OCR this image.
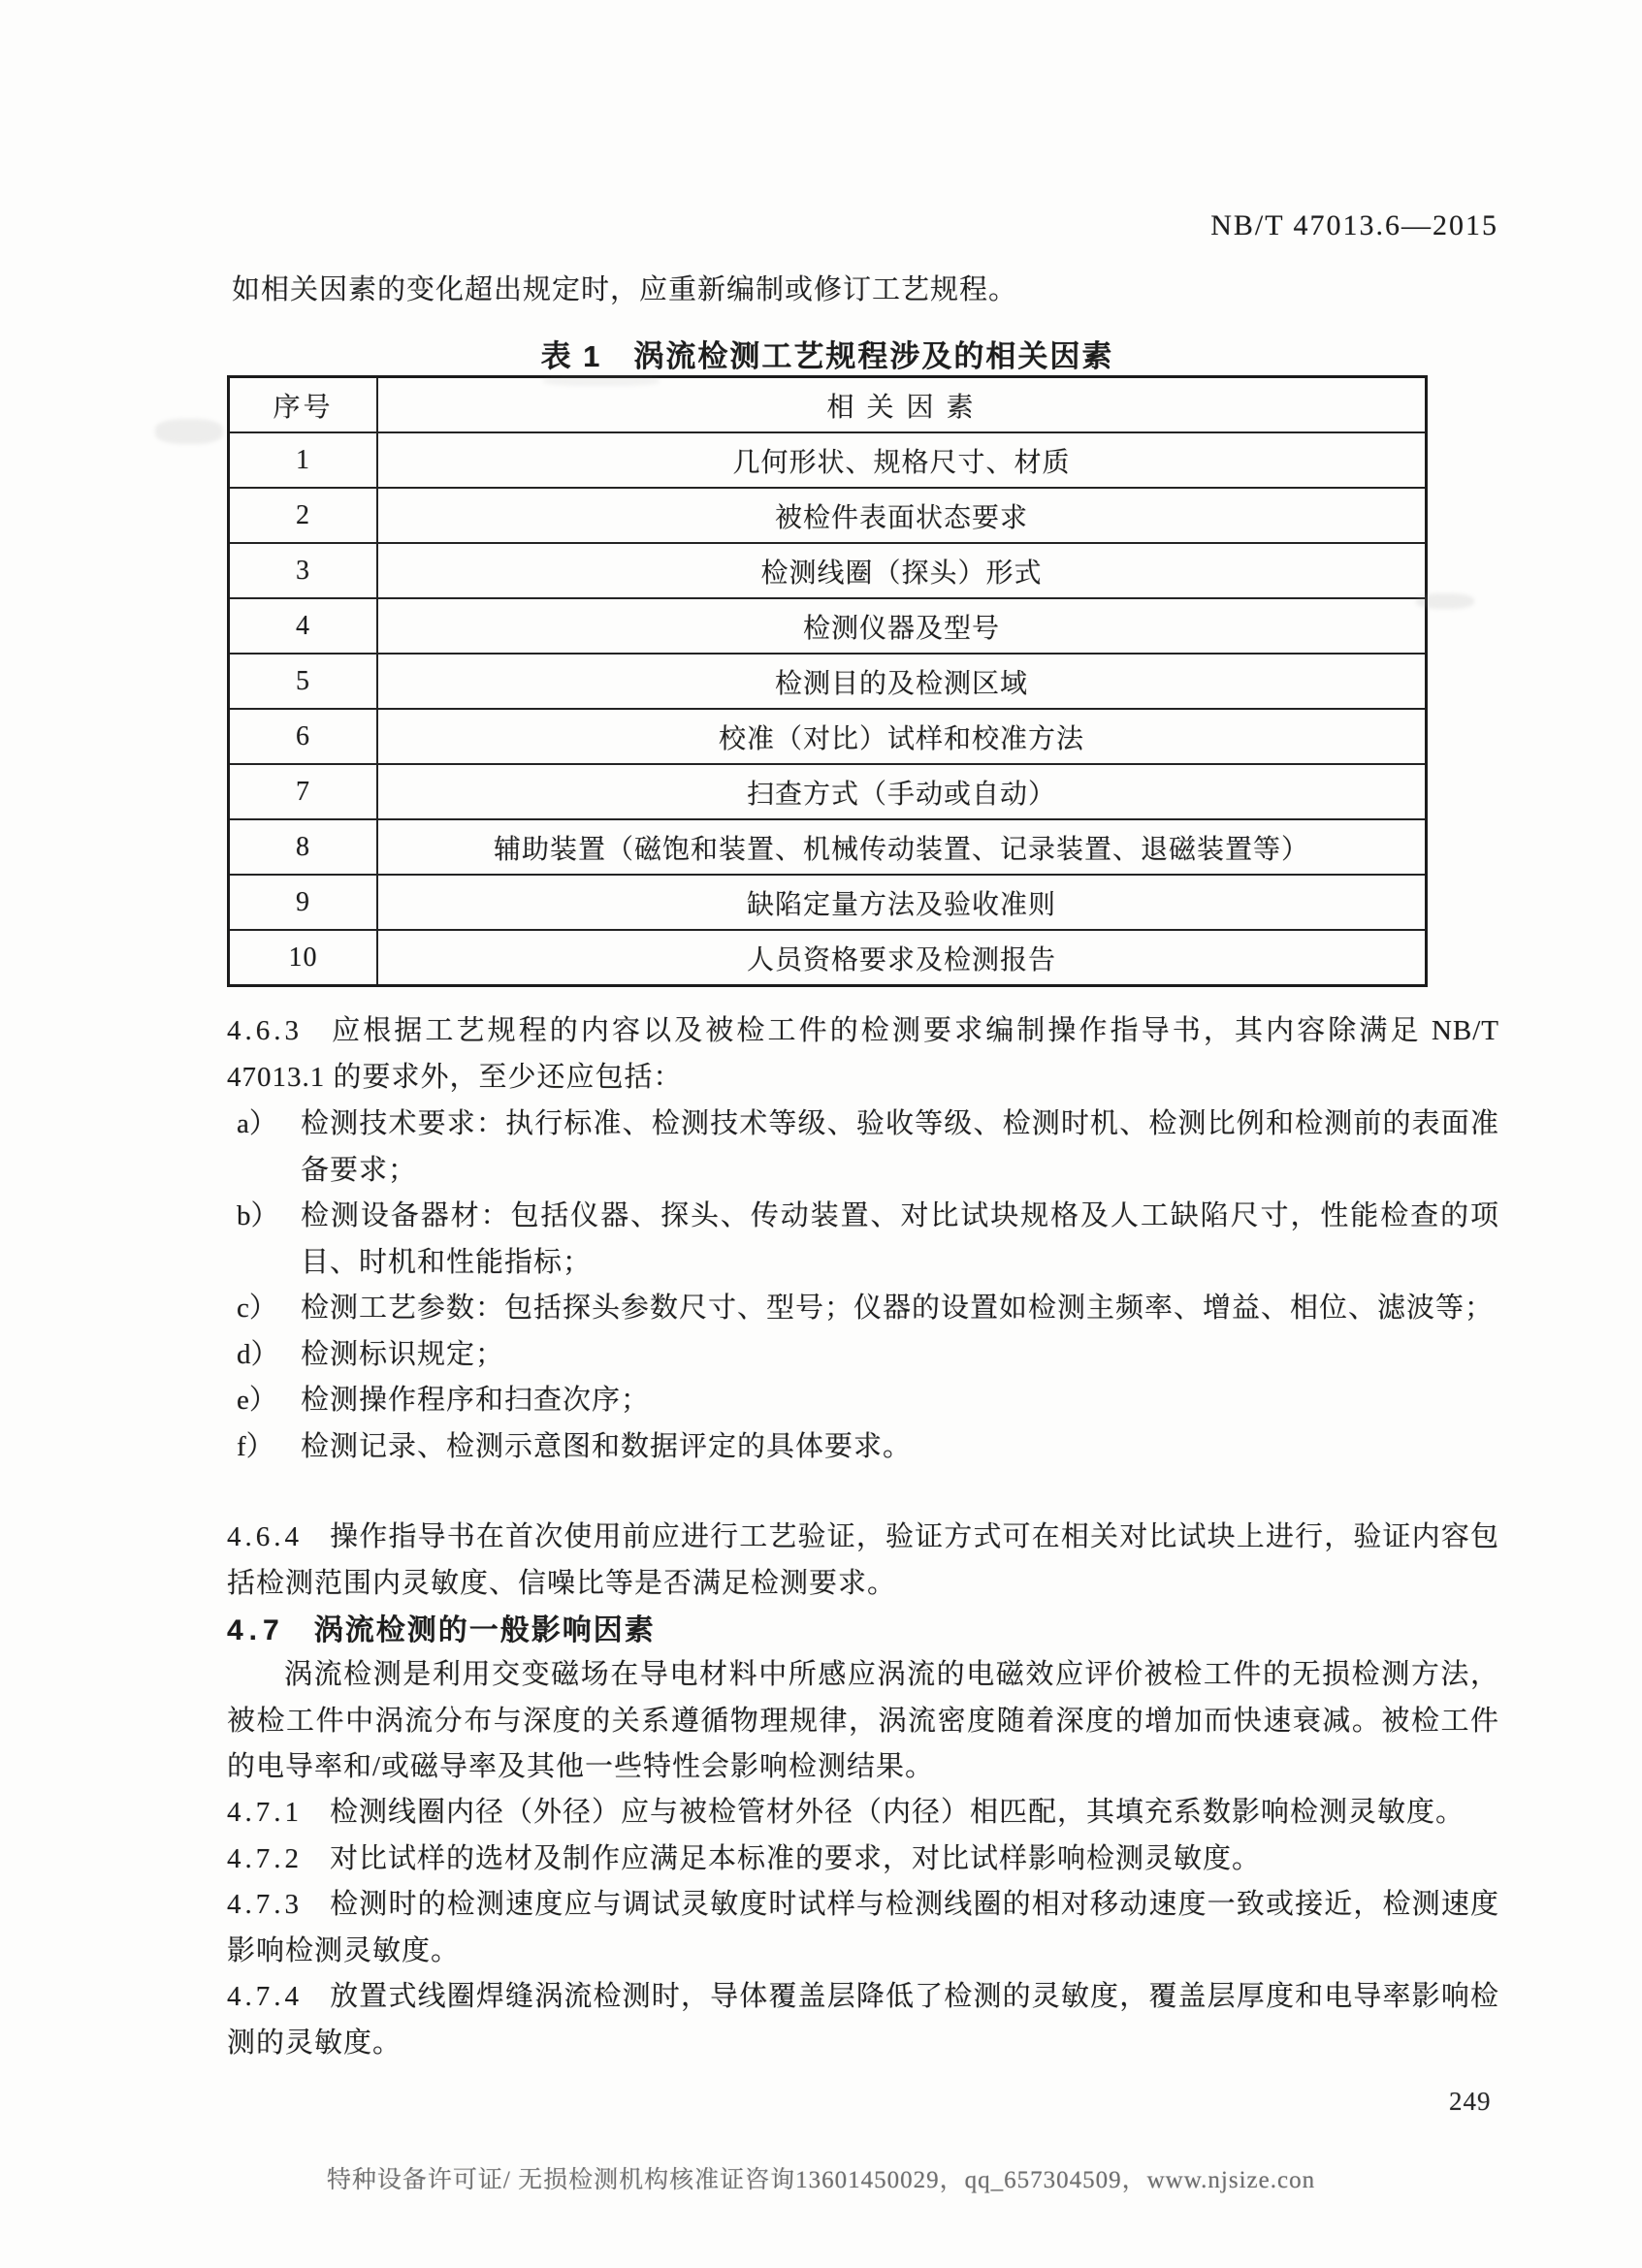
NB/T 47013.6—2015
如相关因素的变化超出规定时，应重新编制或修订工艺规程。
表 1　涡流检测工艺规程涉及的相关因素
序号	相 关 因 素
1	几何形状、规格尺寸、材质
2	被检件表面状态要求
3	检测线圈（探头）形式
4	检测仪器及型号
5	检测目的及检测区域
6	校准（对比）试样和校准方法
7	扫查方式（手动或自动）
8	辅助装置（磁饱和装置、机械传动装置、记录装置、退磁装置等）
9	缺陷定量方法及验收准则
10	人员资格要求及检测报告
4.6.3 应根据工艺规程的内容以及被检工件的检测要求编制操作指导书，其内容除满足 NB/T 47013.1 的要求外，至少还应包括：
a） 检测技术要求：执行标准、检测技术等级、验收等级、检测时机、检测比例和检测前的表面准备要求；
b） 检测设备器材：包括仪器、探头、传动装置、对比试块规格及人工缺陷尺寸，性能检查的项目、时机和性能指标；
c） 检测工艺参数：包括探头参数尺寸、型号；仪器的设置如检测主频率、增益、相位、滤波等；
d） 检测标识规定；
e） 检测操作程序和扫查次序；
f） 检测记录、检测示意图和数据评定的具体要求。
4.6.4 操作指导书在首次使用前应进行工艺验证，验证方式可在相关对比试块上进行，验证内容包括检测范围内灵敏度、信噪比等是否满足检测要求。
4.7 涡流检测的一般影响因素
涡流检测是利用交变磁场在导电材料中所感应涡流的电磁效应评价被检工件的无损检测方法，被检工件中涡流分布与深度的关系遵循物理规律，涡流密度随着深度的增加而快速衰减。被检工件的电导率和/或磁导率及其他一些特性会影响检测结果。
4.7.1 检测线圈内径（外径）应与被检管材外径（内径）相匹配，其填充系数影响检测灵敏度。
4.7.2 对比试样的选材及制作应满足本标准的要求，对比试样影响检测灵敏度。
4.7.3 检测时的检测速度应与调试灵敏度时试样与检测线圈的相对移动速度一致或接近，检测速度影响检测灵敏度。
4.7.4 放置式线圈焊缝涡流检测时，导体覆盖层降低了检测的灵敏度，覆盖层厚度和电导率影响检测的灵敏度。
249
特种设备许可证/ 无损检测机构核准证咨询13601450029，qq_657304509，www.njsize.con
